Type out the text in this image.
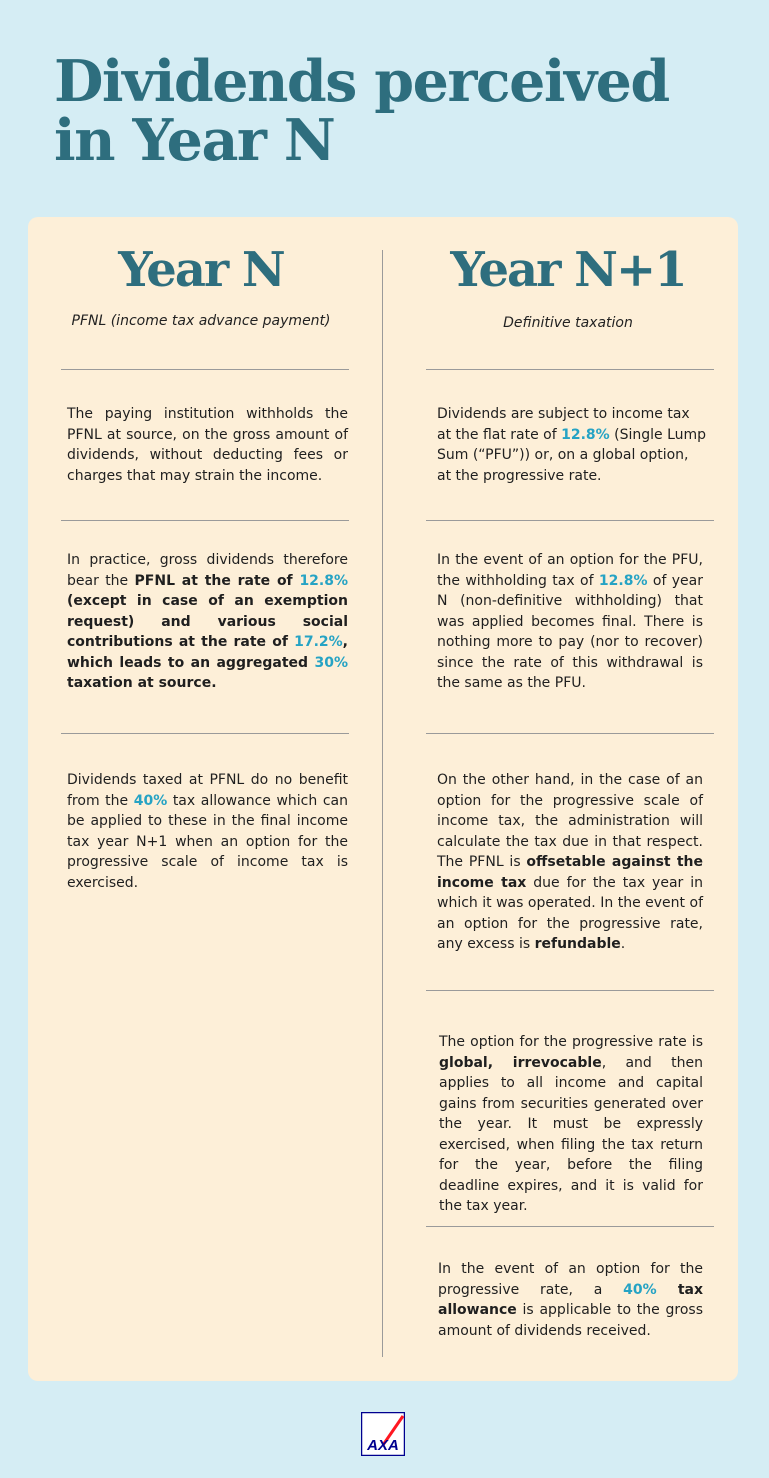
Dividends perceived
in Year N
Year N
PFNL (income tax advance payment)

The paying institution withholds the PFNL at source, on the gross amount of dividends, without deducting fees or charges that may strain the income.

In practice, gross dividends therefore bear the PFNL at the rate of 12.8% (except in case of an exemption request) and various social contributions at the rate of 17.2%, which leads to an aggregated 30% taxation at source.

Dividends taxed at PFNL do no benefit from the 40% tax allowance which can be applied to these in the final income tax year N+1 when an option for the progressive scale of income tax is exercised.

Year N+1
Definitive taxation

Dividends are subject to income tax at the flat rate of 12.8% (Single Lump Sum (“PFU”)) or, on a global option, at the progressive rate.

In the event of an option for the PFU, the withholding tax of 12.8% of year N (non-definitive withholding) that was applied becomes final. There is nothing more to pay (nor to recover) since the rate of this withdrawal is the same as the PFU.

On the other hand, in the case of an option for the progressive scale of income tax, the administration will calculate the tax due in that respect. The PFNL is offsetable against the income tax due for the tax year in which it was operated. In the event of an option for the progressive rate, any excess is refundable.

The option for the progressive rate is global, irrevocable, and then applies to all income and capital gains from securities generated over the year. It must be expressly exercised, when filing the tax return for the year, before the filing deadline expires, and it is valid for the tax year.

In the event of an option for the progressive rate, a 40% tax allowance is applicable to the gross amount of dividends received.

AXA
